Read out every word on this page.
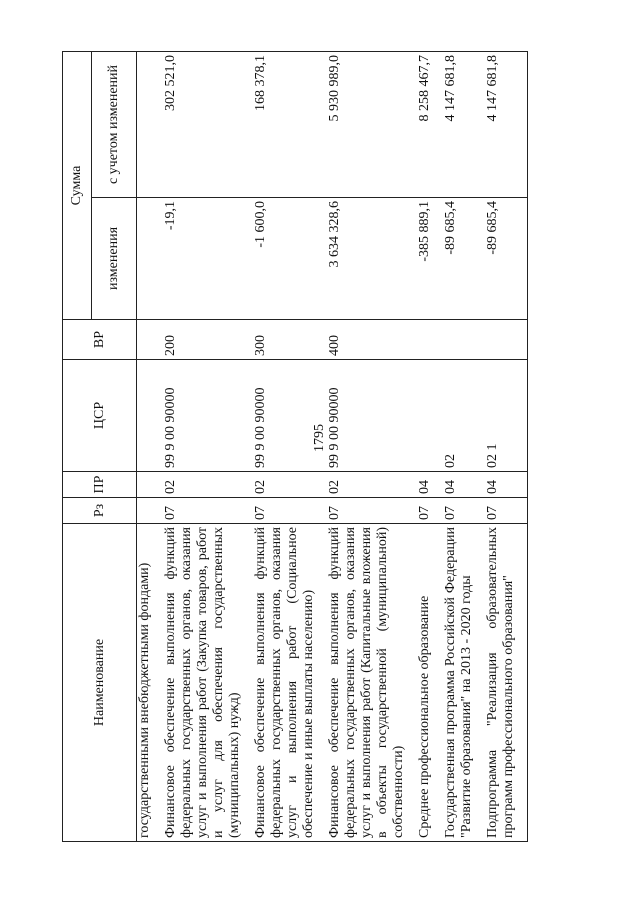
1795
Наименование	Рз	ПР	ЦСР	ВР	Сумма	
					изменения	с учетом изменений
государственными внебюджетными фондами)						
Финансовое обеспечение выполнения функций федеральных государственных органов, оказания услуг и выполнения работ (Закупка товаров, работ и услуг для обеспечения государственных (муниципальных) нужд)	07	02	99 9 00 90000	200	-19,1	302 521,0
Финансовое обеспечение выполнения функций федеральных государственных органов, оказания услуг и выполнения работ (Социальное обеспечение и иные выплаты населению)	07	02	99 9 00 90000	300	-1 600,0	168 378,1
Финансовое обеспечение выполнения функций федеральных государственных органов, оказания услуг и выполнения работ (Капитальные вложения в объекты государственной (муниципальной) собственности)	07	02	99 9 00 90000	400	3 634 328,6	5 930 989,0
Среднее профессиональное образование	07	04			-385 889,1	8 258 467,7
Государственная программа Российской Федерации "Развитие образования" на 2013 - 2020 годы	07	04	02		-89 685,4	4 147 681,8
Подпрограмма "Реализация образовательных программ профессионального образования"	07	04	02 1		-89 685,4	4 147 681,8
